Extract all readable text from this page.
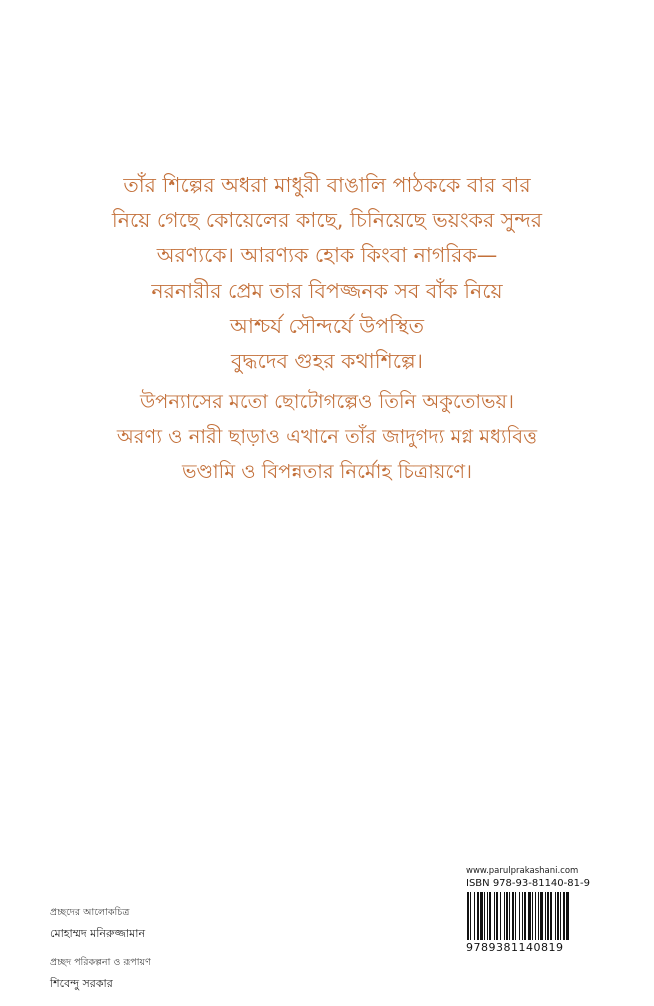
তাঁর শিল্পের অধরা মাধুরী বাঙালি পাঠককে বার বার
নিয়ে গেছে কোয়েলের কাছে, চিনিয়েছে ভয়ংকর সুন্দর
অরণ্যকে। আরণ্যক হোক কিংবা নাগরিক—
নরনারীর প্রেম তার বিপজ্জনক সব বাঁক নিয়ে
আশ্চর্য সৌন্দর্যে উপস্থিত
বুদ্ধদেব গুহর কথাশিল্পে।
উপন্যাসের মতো ছোটোগল্পেও তিনি অকুতোভয়।
অরণ্য ও নারী ছাড়াও এখানে তাঁর জাদুগদ্য মগ্ন মধ্যবিত্ত
ভণ্ডামি ও বিপন্নতার নির্মোহ চিত্রায়ণে।
প্রচ্ছদের আলোকচিত্র
মোহাম্মদ মনিরুজ্জামান
প্রচ্ছদ পরিকল্পনা ও রূপায়ণ
শিবেন্দু সরকার
www.parulprakashani.com
ISBN 978-93-81140-81-9
9789381140819
